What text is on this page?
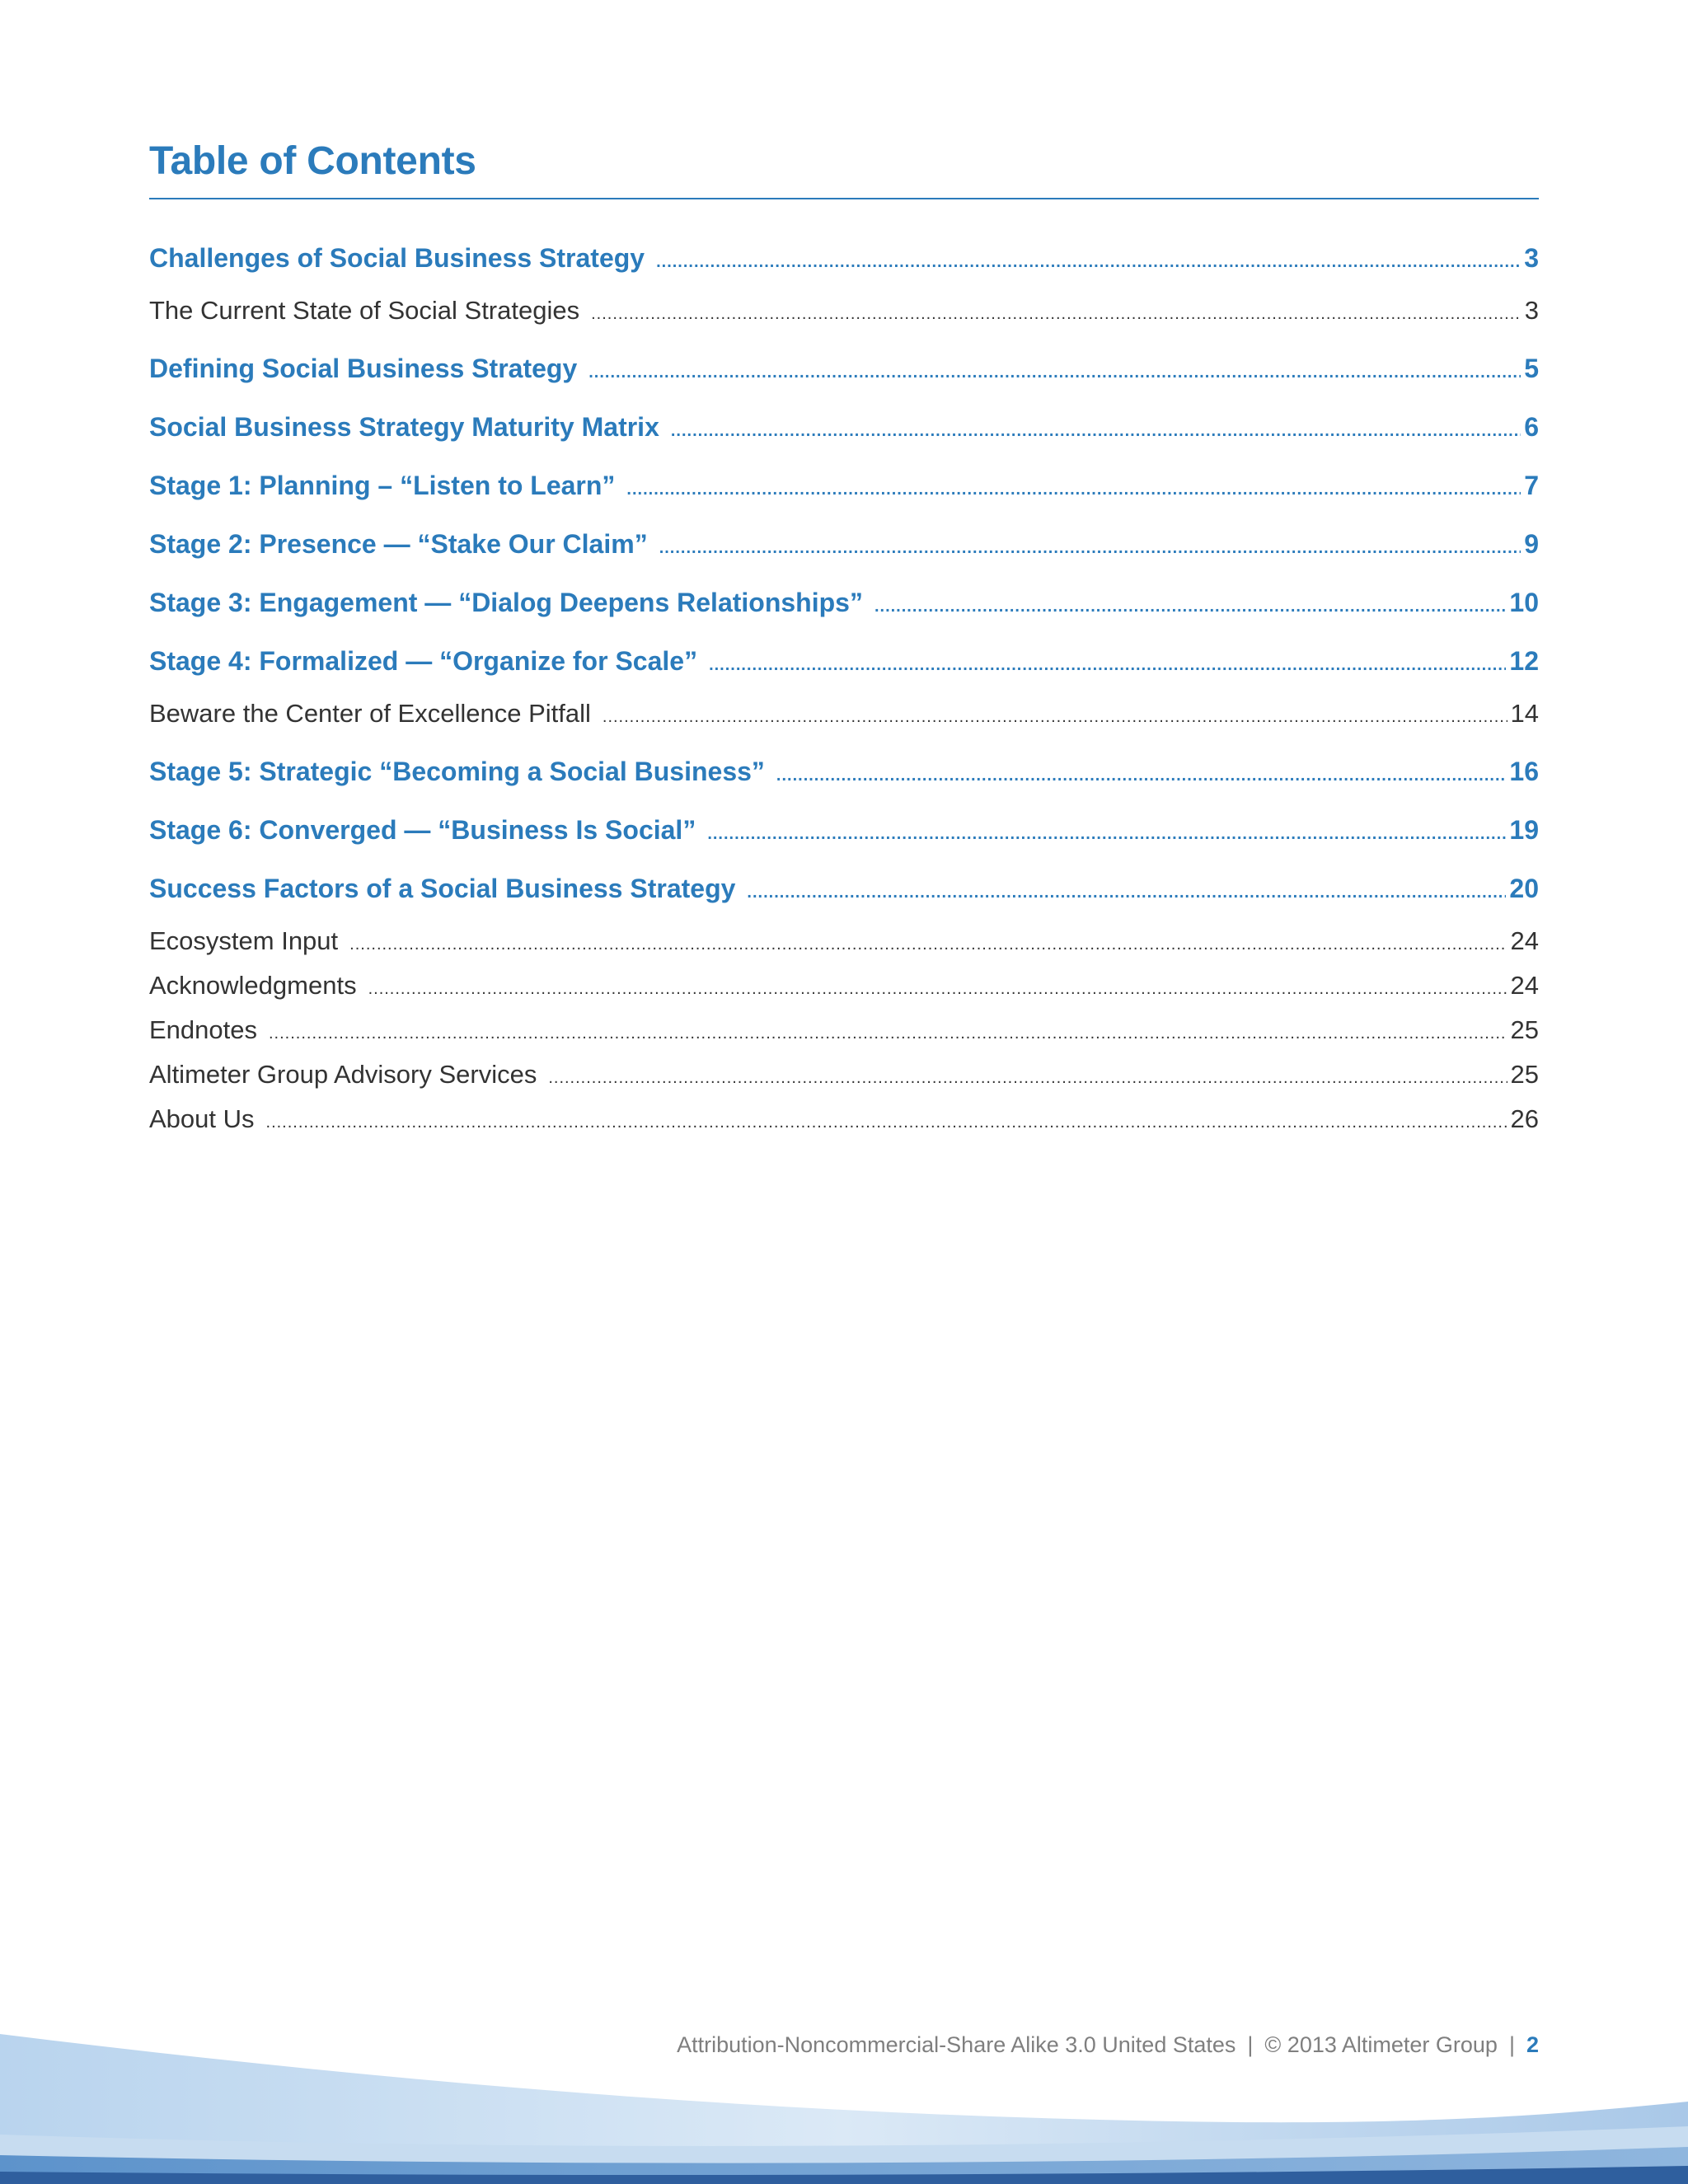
Table of Contents
Challenges of Social Business Strategy .....	3
The Current State of Social Strategies .....	3
Defining Social Business Strategy .....	5
Social Business Strategy Maturity Matrix .....	6
Stage 1: Planning – “Listen to Learn” .....	7
Stage 2: Presence — “Stake Our Claim” .....	9
Stage 3: Engagement — “Dialog Deepens Relationships” .....	10
Stage 4: Formalized — “Organize for Scale” .....	12
Beware the Center of Excellence Pitfall .....	14
Stage 5: Strategic “Becoming a Social Business” .....	16
Stage 6: Converged — “Business Is Social” .....	19
Success Factors of a Social Business Strategy .....	20
Ecosystem Input .....	24
Acknowledgments .....	24
Endnotes .....	25
Altimeter Group Advisory Services .....	25
About Us .....	26
Attribution-Noncommercial-Share Alike 3.0 United States | © 2013 Altimeter Group | 2
